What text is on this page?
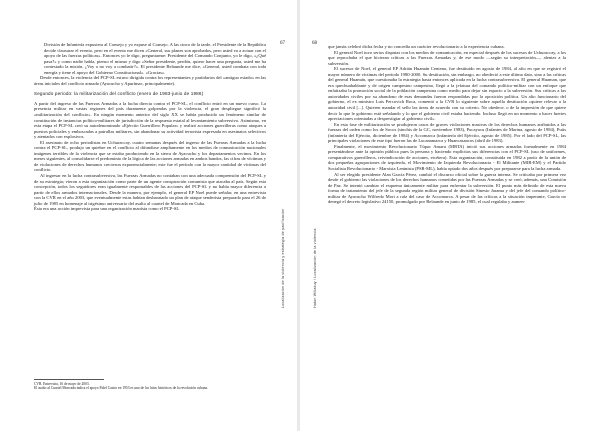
Localización de la violencia y estrategia de pacificación
67

División de Infantería expusiera al Consejo y yo expuse al Consejo. A las cinco de la tarde, el Presidente de la República decide clausurar el evento, pero en el evento me dicen «General, sus planes son aprobados, pero usted va a actuar con el apoyo de las fuerzas políticas». Entonces yo le digo, preguntarme: Presidente del Comando Conjunto, yo le digo, «¿Qué pasa?» y como nadie habla, pienso el mismo y digo «Señor presidente, perdón, quiero hacer una pregunta, usted me ha contestado la misión, ¿Voy o no voy a combatir?». El presidente Belaunde me dice, «General, usted combata con toda energía y tiene el apoyo del Gobierno Constitucional». «Gracias».

Desde entonces, la violencia del PCP-SL estuvo dirigida contra los representantes y partidarios del «antiguo estado» en las áreas iniciales del conflicto armado (Ayacucho y Apurímac, principalmente).

Segundo periodo: la militarización del conflicto (enero de 1983-junio de 1986)

A partir del ingreso de las Fuerzas Armadas a la lucha directa contra el PCP-SL, el conflicto entró en un nuevo curso. La presencia militar en vastas regiones del país duramente golpeadas por la violencia, el gran despliegue significó la «militarización del conflicto». En ningún momento anterior del siglo XX se había producido un fenómeno similar de constitución de instancias político-militares de jurisdicción de la respuesta estatal al levantamiento subversivo. Asimismo, en esta etapa el PCP-SL creó su autodenominado «Ejército Guerrillero Popular» y realizó acciones guerrilleras como ataques a puestos policiales y emboscadas a patrullas militares, sin abandonar su actividad terrorista expresada en asesinatos selectivos y atentados con explosivos.

El asesinato de ocho periodistas en Uchuraccay, cuatro semanas después del ingreso de las Fuerzas Armadas a la lucha contra el PCP-SL, produjo un quiebre en el conflicto al difundirse ampliamente en los medios de comunicación nacionales imágenes terribles de la violencia que se estaba produciendo en la sierra de Ayacucho y los departamentos vecinos. En los meses siguientes, al consolidarse el predominio de la lógica de las acciones armadas en ambos bandos, las cifras de víctimas y de violaciones de derechos humanos crecieron exponencialmente; este fue el período con la mayor cantidad de víctimas del conflicto.

Al ingresar en la lucha contrasubversiva, las Fuerzas Armadas no contaban con una adecuada comprensión del PCP-SL y de su estrategia; vieron a esta organización como parte de un agente conspiración comunista que atacaba al país. Según esta concepción, todos los seguidores eran igualmente responsables de las acciones del PCP-SL y no había mayor diferencia a partir de ellos armados internacionales. Desde la manera, por ejemplo, el general EP Noel puede señalar, en una entrevista con la CVR en el año 2003, que eventualmente estas habían desbaratado un plan de ataque senderista preparado para el 26 de julio de 1985 en homenaje al trigésimo aniversario del asalto al cuartel de Moncada en Cuba.

Ésta era una acción imprevista para una organización maoísta como el PCP-SL

CVR. Entrevista, 16 de mayo de 2003.
El asalto al Cuartel Moncada indica el apoyo Fidel Castro en 1953 es uno de los hitos históricos de la revolución cubana.
68
Hatun Willakuy / Localización de la violencia

que jamás celebró dicha fecha y no concedía un carácter revolucionario a la experiencia cubana.

El general Noel tuvo serios disputas con los medios de comunicación, en especial después de los sucesos de Uchuraccay, a los que reprochaba el que hicieran críticas a las Fuerzas Armadas y, de ese modo —según su interpretación—, alentar a la subversión.

El sucesor de Noel, el general EP Adrián Huamán Centeno, fue destituido en agosto de 1984, al afio en que se registró el mayor número de víctimas del período 1980-2000. Su destitución, sin embargo, no obedeció a este último dato, sino a las críticas del general Huamán, que cuestionaba la estrategia hasta entonces aplicada en la lucha contrasubversiva. El general Huaman, que era quechuahablante y de origen campesino campesino, llegó a la jefatura del comando político-militar con un enfoque que enfatizaba la promoción social de la población campesina como medio para dejar sin espacio a la subversión. Sus críticas a las autoridades civiles por su abandono de esas demandas fueron respondidas por la oposición política. Un alto funcionario del gobierno, el ex ministro Luis Percovich Roca, comentó a la CVR lo siguiente sobre aquella destitución «quiere relevar a la autoridad civil [...]. Quieren mandar el sello las áreas de acuerdo con su criterio. No obedece, o de la impresión de que quiere decir lo que le gobierno está señalando y lo que el gobierno civil estaba haciendo. Incluso llegó en un momento a hacer fuertes apreciaciones orientadas a desprestigiar al gobierno civil».

En esta fase de militarización se produjeron casos de graves violaciones masivas de los derechos humanos atribuidos a las fuerzas del orden como los de Socos (sinchis de la GC, noviembre 1983), Pucayacu (Infantes de Marina, agosto de 1984), Putis (infantería del Ejército, diciembre de 1984) y Accomarca (infantería del Ejército, agosto de 1985). Por el lado del PCP-SL, las principales violaciones de este tipo fueron las de Lucanamarca y Huancasancos (abril de 1983).

Finalmente, el movimiento Revolucionario Túpac Amaru (MRTA) inició sus acciones armadas formalmente en 1984 presentándose ante la opinión pública pues la persona y haciendo explícitas sus diferencias con el PCP-SL (uso de uniformes, comparativos guerrilleros, reivindicación de acciones, etcétera). Esta organización, constituida en 1982 a partir de la unión de dos pequeñas agrupaciones de izquierda, el Movimiento de Izquierda Revolucionaria - El Militante (MIR-EM) y el Partido Socialista Revolucionario - Marxista Leninista (PSR-ML), había optado dos años después por prepararse para la lucha armada.

Al ser elegido presidente Alan García Pérez, cambió el discurso oficial sobre la guerra interna. Se criticaba por primera vez desde el gobierno las violaciones de los derechos humanos cometidas por las Fuerzas Armadas y se creó, además, una Comisión de Paz. Se intentó cambiar el esquema únicamente militar para enfrentar la subversión. El punto más definido de esta nueva forma de tratamiento del jefe de la segunda región militar general de división Sinesio Jarama y del jefe del comando político-militar de Ayacucho Wilfredo Mori a raíz del caso de Accomarca. A pesar de las críticas a la situación imperante, García no denegó el decreto legislativo 24150, promulgado por Belaunde en junio de 1985, el cual regulaba y aumen-
